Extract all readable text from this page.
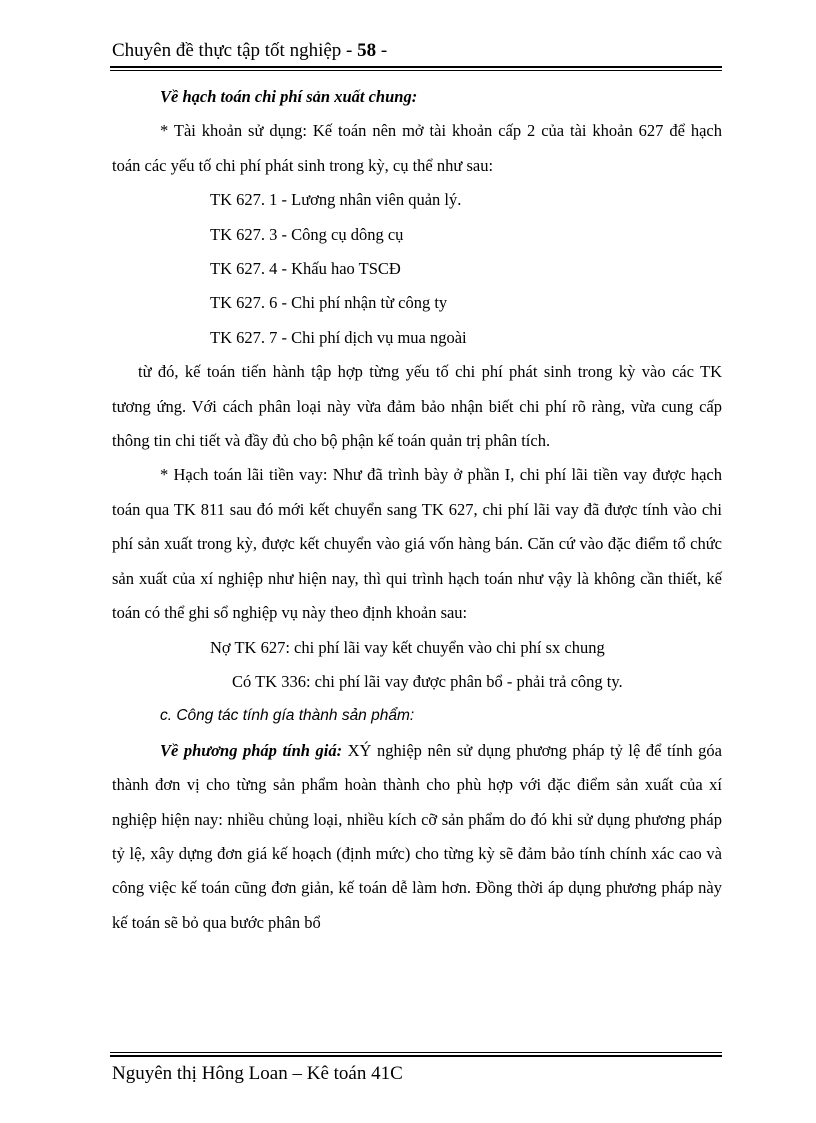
Chuyên đề thực tập tốt nghiệp - 58 -

Về hạch toán chi phí sản xuất chung:

* Tài khoản sử dụng: Kế toán nên mở tài khoản cấp 2 của tài khoản 627 để hạch toán các yếu tố chi phí phát sinh trong kỳ, cụ thể như sau:

TK 627. 1 - Lương nhân viên quản lý.

TK 627. 3 - Công cụ dông cụ

TK 627. 4 - Khấu hao TSCĐ

TK 627. 6 - Chi phí nhận từ công ty

TK 627. 7 - Chi phí dịch vụ mua ngoài

từ đó, kế toán tiến hành tập hợp từng yếu tố chi phí phát sinh trong kỳ vào các TK tương ứng. Với cách phân loại này vừa đảm bảo nhận biết chi phí rõ ràng, vừa cung cấp thông tin chi tiết và đầy đủ cho bộ phận kế toán quản trị phân tích.

* Hạch toán lãi tiền vay: Như đã trình bày ở phần I, chi phí lãi tiền vay được hạch toán qua TK 811 sau đó mới kết chuyển sang TK 627, chi phí lãi vay đã được tính vào chi phí sản xuất trong kỳ, được kết chuyển vào giá vốn hàng bán. Căn cứ vào đặc điểm tổ chức sản xuất của xí nghiệp như hiện nay, thì qui trình hạch toán như vậy là không cần thiết, kế toán có thể ghi sổ nghiệp vụ này theo định khoản sau:

Nợ TK 627: chi phí lãi vay kết chuyển vào chi phí sx chung

Có TK 336: chi phí lãi vay được phân bổ - phải trả công ty.

c. Công tác tính gía thành sản phẩm:

Về phương pháp tính giá: XÝ nghiệp nên sử dụng phương pháp tỷ lệ để tính góa thành đơn vị cho từng sản phẩm hoàn thành cho phù hợp với đặc điểm sản xuất của xí nghiệp hiện nay: nhiều chủng loại, nhiều kích cỡ sản phẩm do đó khi sử dụng phương pháp tỷ lệ, xây dựng đơn giá kế hoạch (định mức) cho từng kỳ sẽ đảm bảo tính chính xác cao và công việc kế toán cũng đơn giản, kế toán dễ làm hơn. Đồng thời áp dụng phương pháp này kế toán sẽ bỏ qua bước phân bổ

Nguyên thị Hông Loan – Kê toán 41C
